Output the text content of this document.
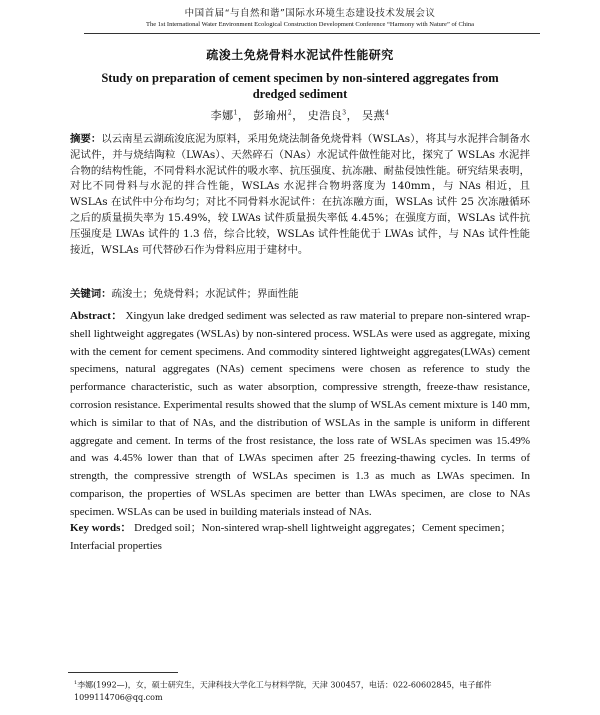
中国首届“与自然和谐”国际水环境生态建设技术发展会议
The 1st International Water Environment Ecological Construction Development Conference “Harmony with Nature” of China
疏浚土免烧骨料水泥试件性能研究
Study on preparation of cement specimen by non-sintered aggregates from dredged sediment
李娜$^1$， 彭瑜州$^2$， 史浩良$^3$， 吴燕$^4$
摘要：以云南星云湖疏浚底泥为原料，采用免烧法制备免烧骨料（WSLAs），将其与水泥拌合制备水泥试件，并与烧结陶粒（LWAs）、天然碎石（NAs）水泥试件做性能对比，探究了 WSLAs 水泥拌合物的结构性能，不同骨料水泥试件的吸水率、抗压强度、抗冻融、耐盐侵蚀性能。研究结果表明，对比不同骨料与水泥的拌合性能，WSLAs 水泥拌合物坍落度为 140mm，与 NAs 相近，且 WSLAs 在试件中分布均匀；对比不同骨料水泥试件：在抗冻融方面，WSLAs 试件 25 次冻融循环之后的质量损失率为 15.49%，较 LWAs 试件质量损失率低 4.45%；在强度方面，WSLAs 试件抗压强度是 LWAs 试件的 1.3 倍，综合比较，WSLAs 试件性能优于 LWAs 试件，与 NAs 试件性能接近，WSLAs 可代替砂石作为骨料应用于建材中。
关键词：疏浚土；免烧骨料；水泥试件；界面性能
Abstract： Xingyun lake dredged sediment was selected as raw material to prepare non-sintered wrap-shell lightweight aggregates (WSLAs) by non-sintered process. WSLAs were used as aggregate, mixing with the cement for cement specimens. And commodity sintered lightweight aggregates(LWAs) cement specimens, natural aggregates (NAs) cement specimens were chosen as reference to study the performance characteristic, such as water absorption, compressive strength, freeze-thaw resistance, corrosion resistance. Experimental results showed that the slump of WSLAs cement mixture is 140 mm, which is similar to that of NAs, and the distribution of WSLAs in the sample is uniform in different aggregate and cement. In terms of the frost resistance, the loss rate of WSLAs specimen was 15.49% and was 4.45% lower than that of LWAs specimen after 25 freezing-thawing cycles. In terms of strength, the compressive strength of WSLAs specimen is 1.3 as much as LWAs specimen. In comparison, the properties of WSLAs specimen are better than LWAs specimen, are close to NAs specimen. WSLAs can be used in building materials instead of NAs.
Key words： Dredged soil；Non-sintered wrap-shell lightweight aggregates；Cement specimen；Interfacial properties
$^1$李娜(1992—)，女，硕士研究生，天津科技大学化工与材料学院，天津 300457，电话：022-60602845，电子邮件 1099114706@qq.com
